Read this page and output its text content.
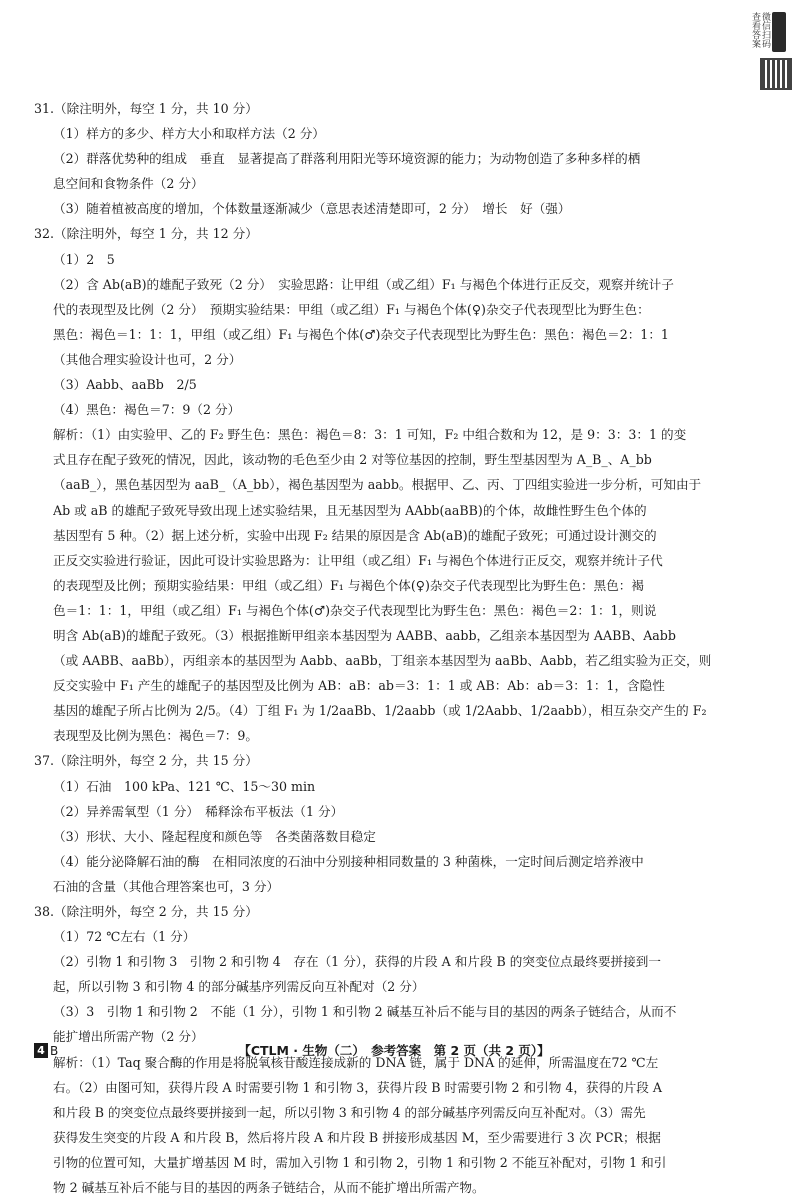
微信扫码查看答案
31.（除注明外，每空 1 分，共 10 分）
（1）样方的多少、样方大小和取样方法（2 分）
（2）群落优势种的组成　垂直　显著提高了群落利用阳光等环境资源的能力；为动物创造了多种多样的栖
息空间和食物条件（2 分）
（3）随着植被高度的增加，个体数量逐渐减少（意思表述清楚即可，2 分）　增长　好（强）
32.（除注明外，每空 1 分，共 12 分）
（1）2　5
（2）含 Ab(aB)的雄配子致死（2 分）　实验思路：让甲组（或乙组）F₁ 与褐色个体进行正反交，观察并统计子
代的表现型及比例（2 分）　预期实验结果：甲组（或乙组）F₁ 与褐色个体(♀)杂交子代表现型比为野生色：
黑色：褐色＝1：1：1，甲组（或乙组）F₁ 与褐色个体(♂)杂交子代表现型比为野生色：黑色：褐色＝2：1：1
（其他合理实验设计也可，2 分）
（3）Aabb、aaBb　2/5
（4）黑色：褐色＝7：9（2 分）
解析：（1）由实验甲、乙的 F₂ 野生色：黑色：褐色＝8：3：1 可知，F₂ 中组合数和为 12，是 9：3：3：1 的变
式且存在配子致死的情况，因此，该动物的毛色至少由 2 对等位基因的控制，野生型基因型为 A_B_、A_bb
（aaB_），黑色基因型为 aaB_（A_bb），褐色基因型为 aabb。根据甲、乙、丙、丁四组实验进一步分析，可知由于
Ab 或 aB 的雄配子致死导致出现上述实验结果，且无基因型为 AAbb(aaBB)的个体，故雌性野生色个体的
基因型有 5 种。（2）据上述分析，实验中出现 F₂ 结果的原因是含 Ab(aB)的雄配子致死；可通过设计测交的
正反交实验进行验证，因此可设计实验思路为：让甲组（或乙组）F₁ 与褐色个体进行正反交，观察并统计子代
的表现型及比例；预期实验结果：甲组（或乙组）F₁ 与褐色个体(♀)杂交子代表现型比为野生色：黑色：褐
色＝1：1：1，甲组（或乙组）F₁ 与褐色个体(♂)杂交子代表现型比为野生色：黑色：褐色＝2：1：1，则说
明含 Ab(aB)的雄配子致死。（3）根据推断甲组亲本基因型为 AABB、aabb，乙组亲本基因型为 AABB、Aabb
（或 AABB、aaBb），丙组亲本的基因型为 Aabb、aaBb，丁组亲本基因型为 aaBb、Aabb，若乙组实验为正交，则
反交实验中 F₁ 产生的雄配子的基因型及比例为 AB：aB：ab＝3：1：1 或 AB：Ab：ab＝3：1：1，含隐性
基因的雄配子所占比例为 2/5。（4）丁组 F₁ 为 1/2aaBb、1/2aabb（或 1/2Aabb、1/2aabb），相互杂交产生的 F₂
表现型及比例为黑色：褐色＝7：9。
37.（除注明外，每空 2 分，共 15 分）
（1）石油　100 kPa、121 ℃、15～30 min
（2）异养需氧型（1 分）　稀释涂布平板法（1 分）
（3）形状、大小、隆起程度和颜色等　各类菌落数目稳定
（4）能分泌降解石油的酶　在相同浓度的石油中分别接种相同数量的 3 种菌株，一定时间后测定培养液中
石油的含量（其他合理答案也可，3 分）
38.（除注明外，每空 2 分，共 15 分）
（1）72 ℃左右（1 分）
（2）引物 1 和引物 3　引物 2 和引物 4　存在（1 分），获得的片段 A 和片段 B 的突变位点最终要拼接到一
起，所以引物 3 和引物 4 的部分碱基序列需反向互补配对（2 分）
（3）3　引物 1 和引物 2　不能（1 分），引物 1 和引物 2 碱基互补后不能与目的基因的两条子链结合，从而不
能扩增出所需产物（2 分）
解析：（1）Taq 聚合酶的作用是将脱氧核苷酸连接成新的 DNA 链，属于 DNA 的延伸，所需温度在72 ℃左
右。（2）由图可知，获得片段 A 时需要引物 1 和引物 3，获得片段 B 时需要引物 2 和引物 4，获得的片段 A
和片段 B 的突变位点最终要拼接到一起，所以引物 3 和引物 4 的部分碱基序列需反向互补配对。（3）需先
获得发生突变的片段 A 和片段 B，然后将片段 A 和片段 B 拼接形成基因 M，至少需要进行 3 次 PCR；根据
引物的位置可知，大量扩增基因 M 时，需加入引物 1 和引物 2，引物 1 和引物 2 不能互补配对，引物 1 和引
物 2 碱基互补后不能与目的基因的两条子链结合，从而不能扩增出所需产物。
4 B	【CTLM · 生物（二）　参考答案　第 2 页（共 2 页）】
